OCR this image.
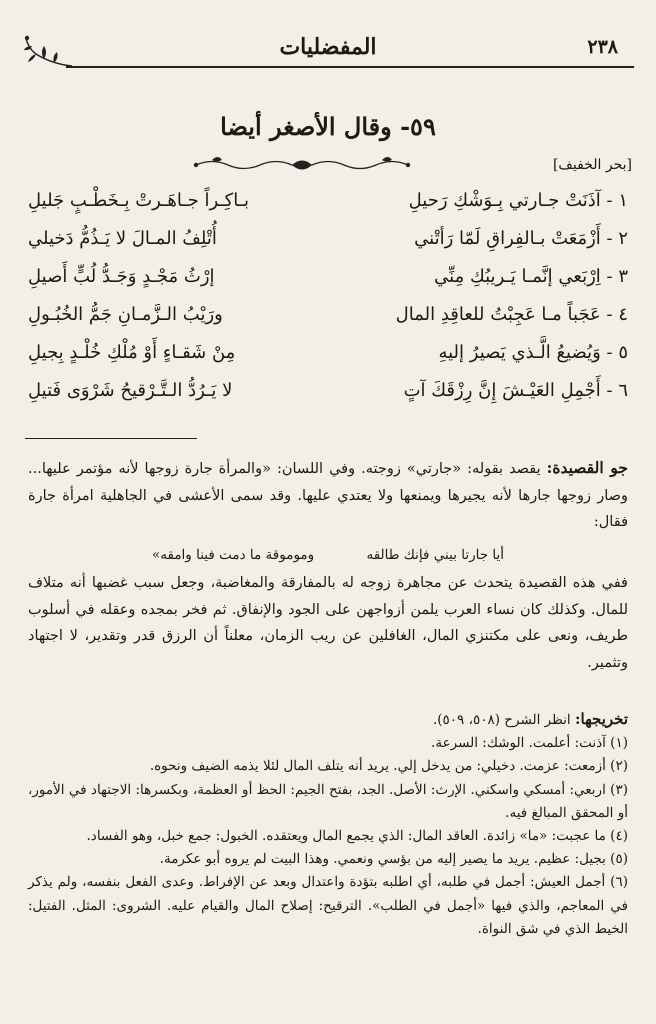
٢٣٨
المفضليات
٥٩- وقال الأصغر أيضا
[بحر الخفيف]
١ - آذَنَتْ جـارتي بِـوَشْكِ رَحيلِ
بـاكِـراً جـاهَـرتْ بِـخَطْـبٍ جَليلِ
٢ - أَزْمَعَتْ بـالفِراقِ لَمّا رَأتْني
أُتْلِفُ المـالَ لا يَـذُمُّ دَخيلي
٣ - اِرْبَعي إنَّمـا يَـريبُكِ مِنِّي
إرْثُ مَجْـدٍ وَجَـدُّ لُبٍّ أَصيلِ
٤ - عَجَباً مـا عَجِبْتُ للعاقِدِ المال
ورَيْبُ الـزَّمـانِ جَمُّ الخُبُـولِ
٥ - وَيُضيعُ الَّـذي يَصيرُ إليهِ
مِنْ شَقـاءٍ أَوْ مُلْكِ خُلْـدٍ بِجيلِ
٦ - أَجْمِلِ العَيْـشَ إِنَّ رِزْقَكَ آتٍ
لا يَـرُدُّ الـتَّـرْقيحُ شَرْوَى فَتيلِ

جو القصيدة: يقصد بقوله: «جارتي» زوجته. وفي اللسان: «والمرأة جارة زوجها لأنه مؤتمر عليها... وصار زوجها جارها لأنه يجيرها ويمنعها ولا يعتدي عليها. وقد سمى الأعشى في الجاهلية امرأة جارة فقال:

أيا جارتا بيني فإنك طالقه وموموقة ما دمت فينا وامقه»

ففي هذه القصيدة يتحدث عن مجاهرة زوجه له بالمفارقة والمغاضبة، وجعل سبب غضبها أنه متلاف للمال. وكذلك كان نساء العرب يلمن أزواجهن على الجود والإنفاق. ثم فخر بمجده وعقله في أسلوب طريف، ونعى على مكتنزي المال، الغافلين عن ريب الزمان، معلناً أن الرزق قدر وتقدير، لا اجتهاد وتثمير.

تخريجها: انظر الشرح (٥٠٨، ٥٠٩).

(١) آذنت: أعلمت. الوشك: السرعة.

(٢) أزمعت: عزمت. دخيلي: من يدخل إلي. يريد أنه يتلف المال لئلا يذمه الضيف ونحوه.

(٣) اربعي: أمسكي واسكني. الإرث: الأصل. الجد، بفتح الجيم: الحظ أو العظمة، وبكسرها: الاجتهاد في الأمور، أو المحقق المبالغ فيه.

(٤) ما عجبت: «ما» زائدة. العاقد المال: الذي يجمع المال ويعتقده. الخبول: جمع خبل، وهو الفساد.

(٥) بجيل: عظيم. يريد ما يصير إليه من بؤسي ونعمي. وهذا البيت لم يروه أبو عكرمة.

(٦) أجمل العيش: أجمل في طلبه، أي اطلبه بتؤدة واعتدال وبعد عن الإفراط. وعدى الفعل بنفسه، ولم يذكر في المعاجم، والذي فيها «أجمل في الطلب». الترقيح: إصلاح المال والقيام عليه. الشروى: المثل. الفتيل: الخيط الذي في شق النواة.
